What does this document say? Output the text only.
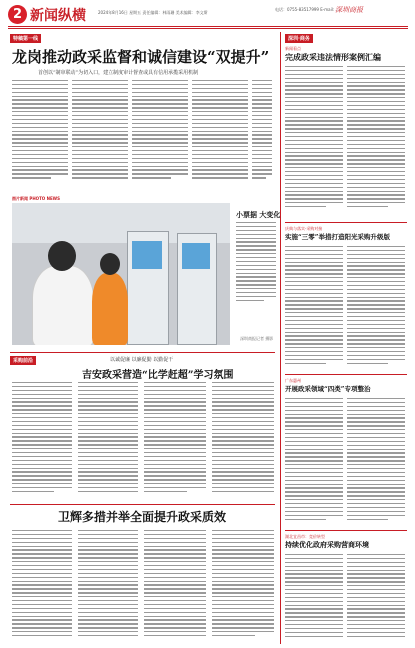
2 新闻纵横	2024年8月16日 星期五 责任编辑：林雨珊 美术编辑：李文斯
电话：0755-83517999 E-mail: ...
深圳商报
特稿第一线
龙岗推动政采监督和诚信建设“双提升”
首创以“制审联动”为切入口，建立制度审计督查或具有信用承揽采用机制
图片新闻 PHOTO NEWS
小票据 大变化
深圳商报记者 摄影
采购前沿	以诚促廉 以廉促勤 以勤促干
吉安政采营造“比学赶超”学习氛围
卫辉多措并举全面提升政采质效
深圳·商务
新闻看点
完成政采违法情形案例汇编
庆典与落实·采购对接
实施“三零”举措打造阳光采购升级版
广东惠州
开展政采领域“四类”专项整治
湖北宜昌市：竞价转型
持续优化政府采购营商环境
